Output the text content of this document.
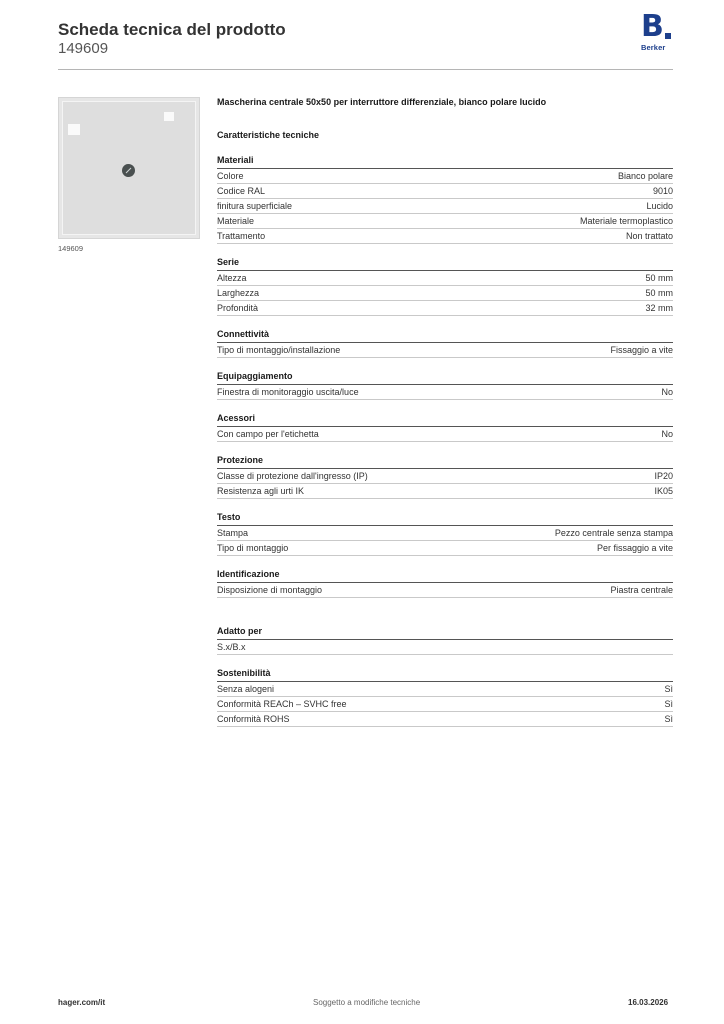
Scheda tecnica del prodotto
149609
B
Berker
149609
Mascherina centrale 50x50 per interruttore differenziale, bianco polare lucido
Caratteristiche tecniche
Materiali
Colore	Bianco polare
Codice RAL	9010
finitura superficiale	Lucido
Materiale	Materiale termoplastico
Trattamento	Non trattato
Serie
Altezza	50 mm
Larghezza	50 mm
Profondità	32 mm
Connettività
Tipo di montaggio/installazione	Fissaggio a vite
Equipaggiamento
Finestra di monitoraggio uscita/luce	No
Acessori
Con campo per l'etichetta	No
Protezione
Classe di protezione dall'ingresso (IP)	IP20
Resistenza agli urti IK	IK05
Testo
Stampa	Pezzo centrale senza stampa
Tipo di montaggio	Per fissaggio a vite
Identificazione
Disposizione di montaggio	Piastra centrale
Adatto per
S.x/B.x
Sostenibilità
Senza alogeni	Sì
Conformità REACh – SVHC free	Sì
Conformità ROHS	Sì
hager.com/it	Soggetto a modifiche tecniche	16.03.2026
